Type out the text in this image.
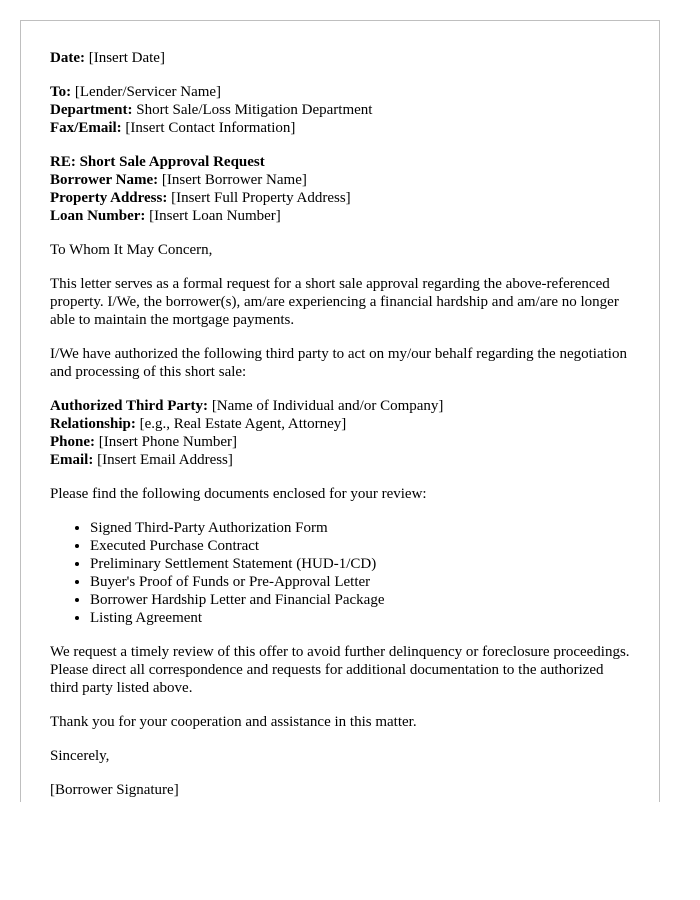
Date: [Insert Date]
To: [Lender/Servicer Name]
Department: Short Sale/Loss Mitigation Department
Fax/Email: [Insert Contact Information]
RE: Short Sale Approval Request
Borrower Name: [Insert Borrower Name]
Property Address: [Insert Full Property Address]
Loan Number: [Insert Loan Number]

To Whom It May Concern,

This letter serves as a formal request for a short sale approval regarding the above-referenced property. I/We, the borrower(s), am/are experiencing a financial hardship and am/are no longer able to maintain the mortgage payments.

I/We have authorized the following third party to act on my/our behalf regarding the negotiation and processing of this short sale:

Authorized Third Party: [Name of Individual and/or Company]
Relationship: [e.g., Real Estate Agent, Attorney]
Phone: [Insert Phone Number]
Email: [Insert Email Address]

Please find the following documents enclosed for your review:

• Signed Third-Party Authorization Form
• Executed Purchase Contract
• Preliminary Settlement Statement (HUD-1/CD)
• Buyer's Proof of Funds or Pre-Approval Letter
• Borrower Hardship Letter and Financial Package
• Listing Agreement

We request a timely review of this offer to avoid further delinquency or foreclosure proceedings. Please direct all correspondence and requests for additional documentation to the authorized third party listed above.

Thank you for your cooperation and assistance in this matter.

Sincerely,

[Borrower Signature]
